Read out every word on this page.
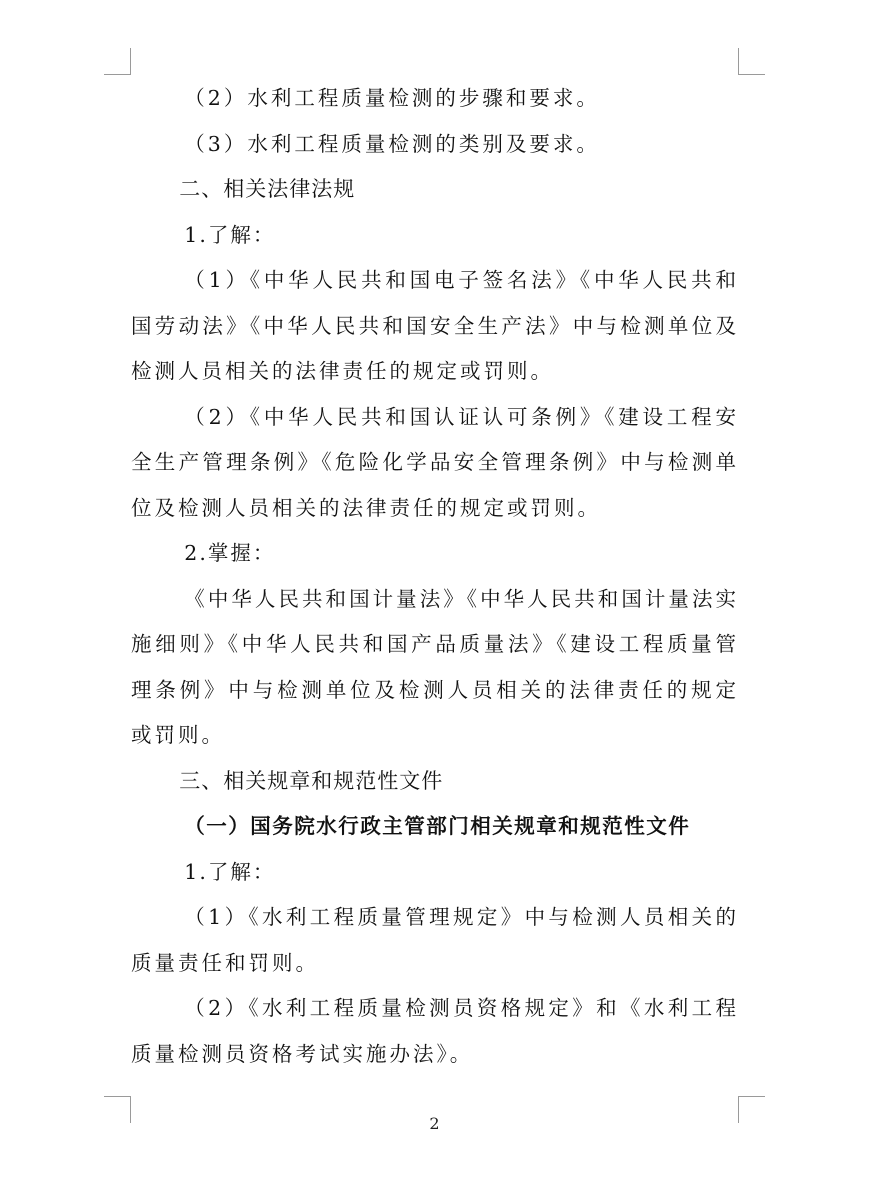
（2）水利工程质量检测的步骤和要求。

（3）水利工程质量检测的类别及要求。

二、相关法律法规

1.了解：

（1）《中华人民共和国电子签名法》《中华人民共和国劳动法》《中华人民共和国安全生产法》中与检测单位及检测人员相关的法律责任的规定或罚则。

（2）《中华人民共和国认证认可条例》《建设工程安全生产管理条例》《危险化学品安全管理条例》中与检测单位及检测人员相关的法律责任的规定或罚则。

2.掌握：

《中华人民共和国计量法》《中华人民共和国计量法实施细则》《中华人民共和国产品质量法》《建设工程质量管理条例》中与检测单位及检测人员相关的法律责任的规定或罚则。

三、相关规章和规范性文件

（一）国务院水行政主管部门相关规章和规范性文件

1.了解：

（1）《水利工程质量管理规定》中与检测人员相关的质量责任和罚则。

（2）《水利工程质量检测员资格规定》和《水利工程质量检测员资格考试实施办法》。

2
